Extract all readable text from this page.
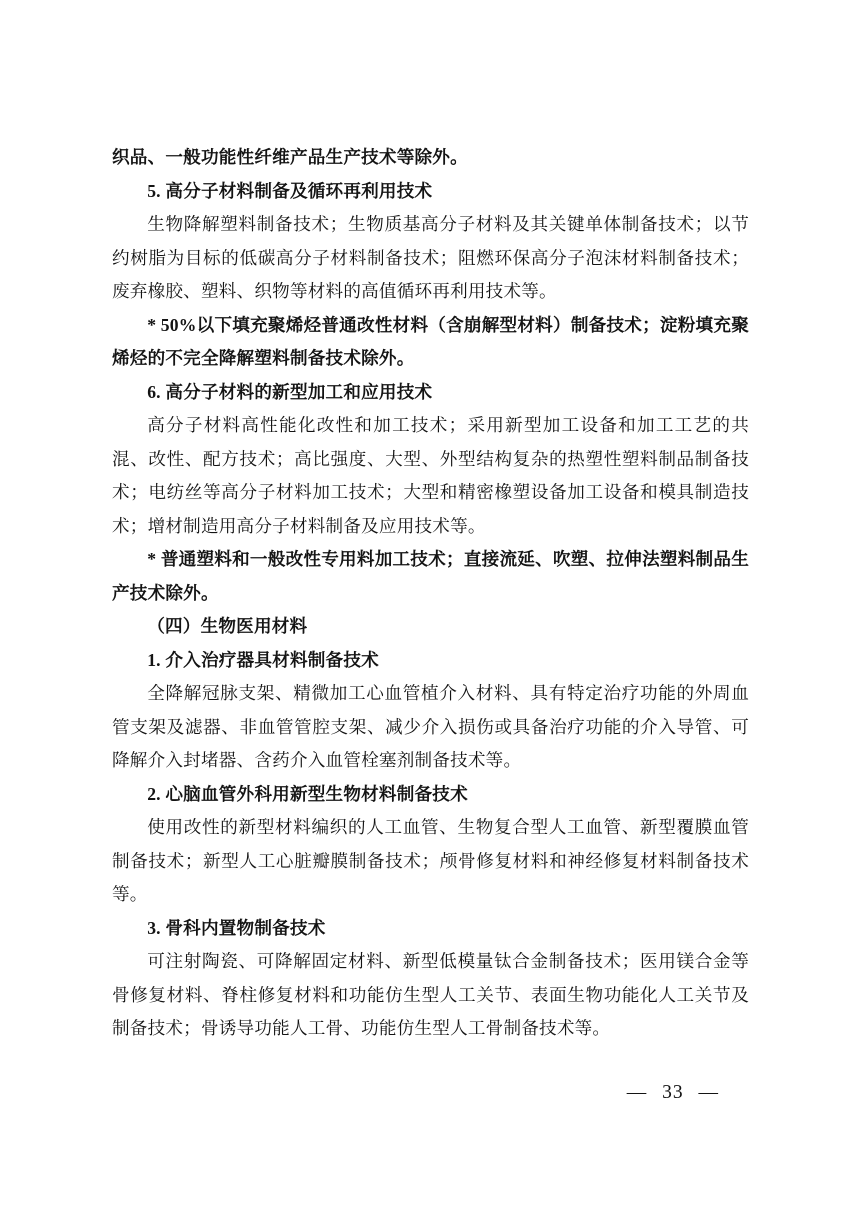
织品、一般功能性纤维产品生产技术等除外。

5. 高分子材料制备及循环再利用技术

生物降解塑料制备技术；生物质基高分子材料及其关键单体制备技术；以节约树脂为目标的低碳高分子材料制备技术；阻燃环保高分子泡沫材料制备技术；废弃橡胶、塑料、织物等材料的高值循环再利用技术等。

* 50%以下填充聚烯烃普通改性材料（含崩解型材料）制备技术；淀粉填充聚烯烃的不完全降解塑料制备技术除外。

6. 高分子材料的新型加工和应用技术

高分子材料高性能化改性和加工技术；采用新型加工设备和加工工艺的共混、改性、配方技术；高比强度、大型、外型结构复杂的热塑性塑料制品制备技术；电纺丝等高分子材料加工技术；大型和精密橡塑设备加工设备和模具制造技术；增材制造用高分子材料制备及应用技术等。

* 普通塑料和一般改性专用料加工技术；直接流延、吹塑、拉伸法塑料制品生产技术除外。

（四）生物医用材料

1. 介入治疗器具材料制备技术

全降解冠脉支架、精微加工心血管植介入材料、具有特定治疗功能的外周血管支架及滤器、非血管管腔支架、减少介入损伤或具备治疗功能的介入导管、可降解介入封堵器、含药介入血管栓塞剂制备技术等。

2. 心脑血管外科用新型生物材料制备技术

使用改性的新型材料编织的人工血管、生物复合型人工血管、新型覆膜血管制备技术；新型人工心脏瓣膜制备技术；颅骨修复材料和神经修复材料制备技术等。

3. 骨科内置物制备技术

可注射陶瓷、可降解固定材料、新型低模量钛合金制备技术；医用镁合金等骨修复材料、脊柱修复材料和功能仿生型人工关节、表面生物功能化人工关节及制备技术；骨诱导功能人工骨、功能仿生型人工骨制备技术等。

— 33 —
